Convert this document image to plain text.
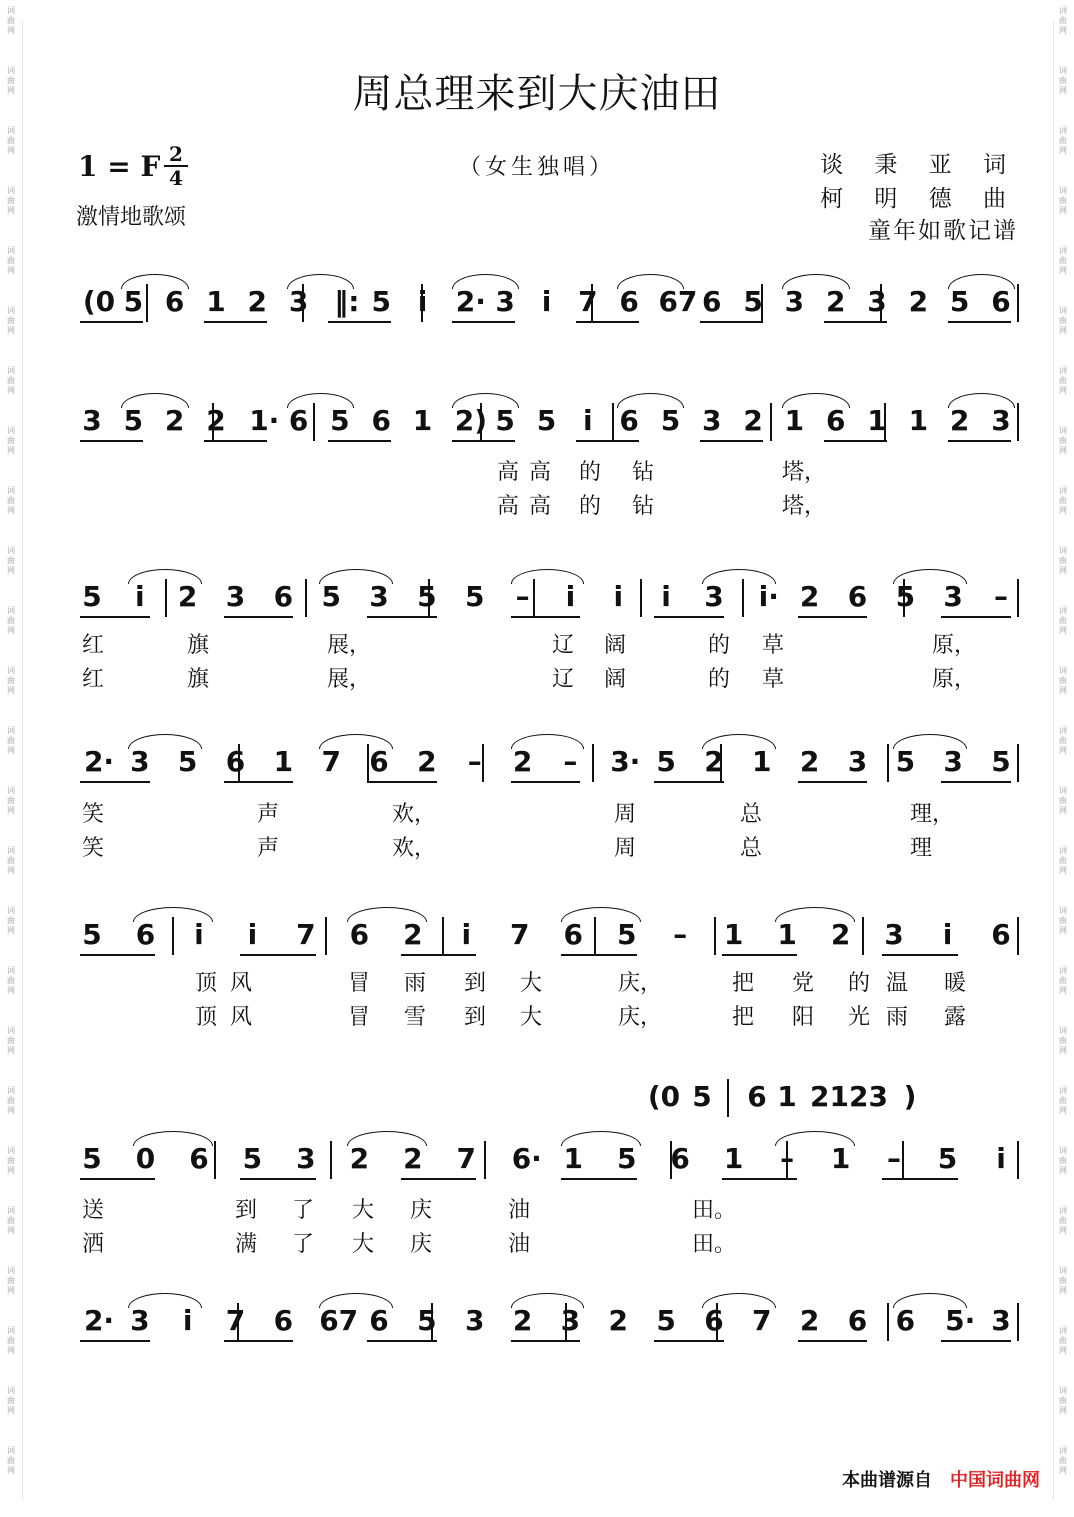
词
曲
网
词
曲
网
词
曲
网
词
曲
网
词
曲
网
词
曲
网
词
曲
网
词
曲
网
词
曲
网
词
曲
网
词
曲
网
词
曲
网
词
曲
网
词
曲
网
词
曲
网
词
曲
网
词
曲
网
词
曲
网
词
曲
网
词
曲
网
词
曲
网
词
曲
网
词
曲
网
词
曲
网
词
曲
网
词
曲
网
词
曲
网
词
曲
网
词
曲
网
词
曲
网
词
曲
网
词
曲
网
词
曲
网
词
曲
网
词
曲
网
词
曲
网
词
曲
网
词
曲
网
词
曲
网
词
曲
网
词
曲
网
词
曲
网
词
曲
网
词
曲
网
词
曲
网
词
曲
网
词
曲
网
词
曲
网
词
曲
网
词
曲
网
周总理来到大庆油田
（女生独唱）
1 = F 2
4
激情地歌颂
谈 秉 亚 词
柯 明 德 曲
童年如歌记谱
(0 5 6 1 2 3 ‖: 5 i 2· 3 i 7 6 67 6 5 3 2 3 2 5 6
3 5 2 2 1· 6 5 6 1 2) 5 5 i 6 5 3 2 1 6 1 1 2 3
高 高	的	钻	塔，
高 高	的	钻	塔，
5 i 2 3 6 5 3 5 5 – i i i 3	i· 2 6 5 3 –
红	旗	展，	辽	阔	的	草	原，
红	旗	展，	辽	阔	的	草	原，
2· 3 5 6 1 7 6 2 – 2 – 3· 5 2 1 2 3 5 3 5
笑	声	欢，	周	总	理，
笑	声	欢，	周	总	理
5 6 i i 7 6 2 i 7 6 5 – 1 1 2 3 i 6
顶 风	冒	雨	到	大	庆，	把	党	的 温	暖
顶 风	冒	雪	到	大	庆，	把	阳	光 雨	露
5 0 6 5 3 2 2 7 6· 1 5 6 1 – 1 – 5 i
(0 5 6 1 2123 )
送	到	了	大	庆	油	田。
洒	满	了	大	庆	油	田。
2· 3 i 7 6 67 6 5 3 2 3 2 5 6 7 2 6 6 5· 3
本曲谱源自 中国词曲网
